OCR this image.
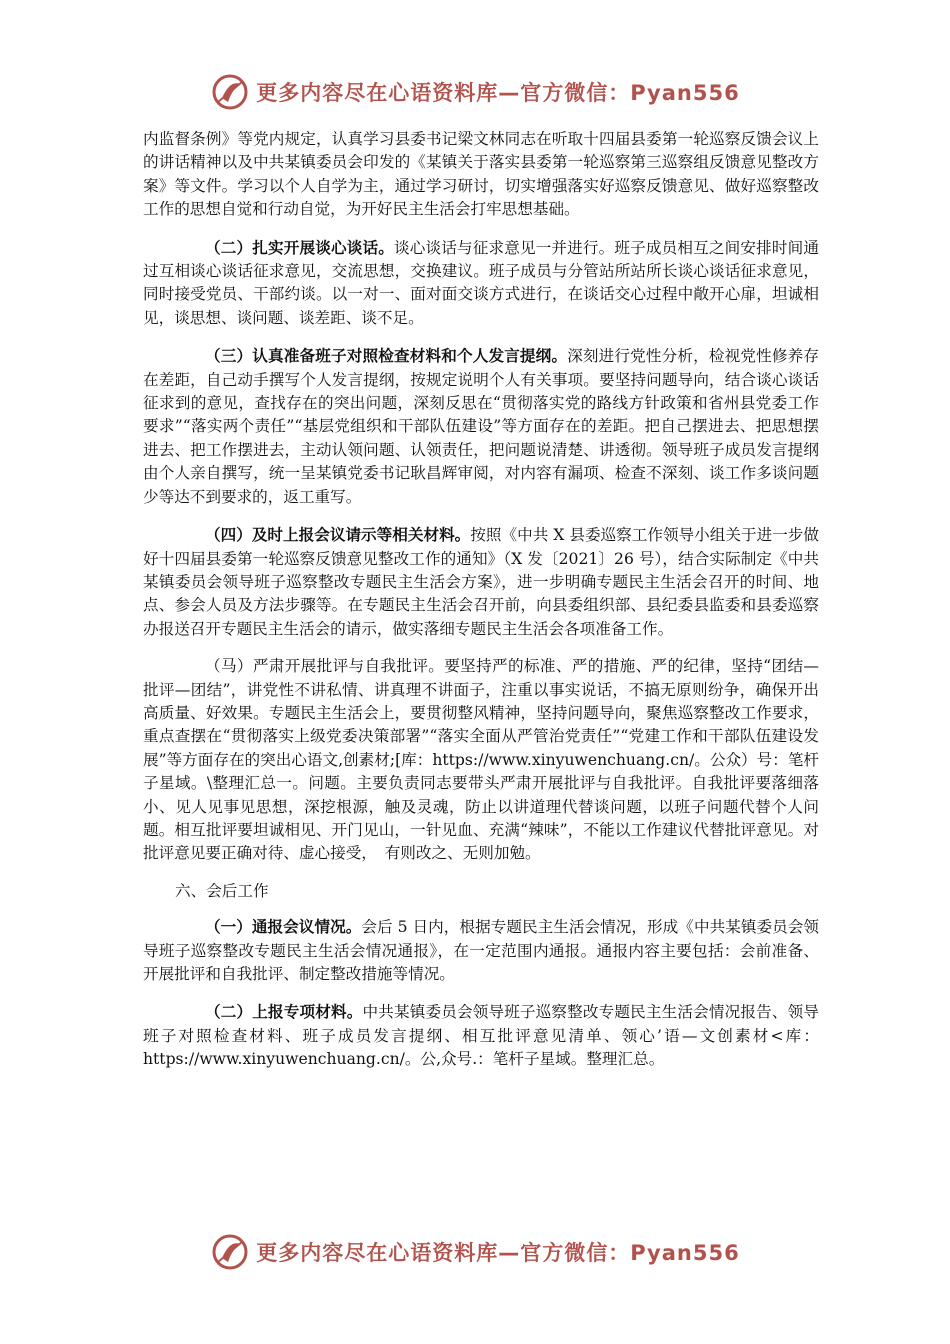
更多内容尽在心语资料库—官方微信：Pyan556

内监督条例》等党内规定，认真学习县委书记梁文林同志在听取十四届县委第一轮巡察反馈会议上的讲话精神以及中共某镇委员会印发的《某镇关于落实县委第一轮巡察第三巡察组反馈意见整改方案》等文件。学习以个人自学为主，通过学习研讨，切实增强落实好巡察反馈意见、做好巡察整改工作的思想自觉和行动自觉，为开好民主生活会打牢思想基础。

（二）扎实开展谈心谈话。谈心谈话与征求意见一并进行。班子成员相互之间安排时间通过互相谈心谈话征求意见，交流思想，交换建议。班子成员与分管站所站所长谈心谈话征求意见，同时接受党员、干部约谈。以一对一、面对面交谈方式进行，在谈话交心过程中敞开心扉，坦诚相见，谈思想、谈问题、谈差距、谈不足。

（三）认真准备班子对照检查材料和个人发言提纲。深刻进行党性分析，检视党性修养存在差距，自己动手撰写个人发言提纲，按规定说明个人有关事项。要坚持问题导向，结合谈心谈话征求到的意见，查找存在的突出问题，深刻反思在“贯彻落实党的路线方针政策和省州县党委工作要求”“落实两个责任”“基层党组织和干部队伍建设”等方面存在的差距。把自己摆进去、把思想摆进去、把工作摆进去，主动认领问题、认领责任，把问题说清楚、讲透彻。领导班子成员发言提纲由个人亲自撰写，统一呈某镇党委书记耿昌辉审阅，对内容有漏项、检查不深刻、谈工作多谈问题少等达不到要求的，返工重写。

（四）及时上报会议请示等相关材料。按照《中共 X 县委巡察工作领导小组关于进一步做好十四届县委第一轮巡察反馈意见整改工作的通知》（X 发〔2021〕26 号），结合实际制定《中共某镇委员会领导班子巡察整改专题民主生活会方案》，进一步明确专题民主生活会召开的时间、地点、参会人员及方法步骤等。在专题民主生活会召开前，向县委组织部、县纪委县监委和县委巡察办报送召开专题民主生活会的请示，做实落细专题民主生活会各项准备工作。

（马）严肃开展批评与自我批评。要坚持严的标准、严的措施、严的纪律，坚持“团结—批评—团结”，讲党性不讲私情、讲真理不讲面子，注重以事实说话，不搞无原则纷争，确保开出高质量、好效果。专题民主生活会上，要贯彻整风精神，坚持问题导向，聚焦巡察整改工作要求，重点查摆在“贯彻落实上级党委决策部署”“落实全面从严管治党责任”“党建工作和干部队伍建设发展”等方面存在的突出心语文,创素材;[库：https://www.xinyuwenchuang.cn/。公众）号：笔杆子星域。\整理汇总一。问题。主要负责同志要带头严肃开展批评与自我批评。自我批评要落细落小、见人见事见思想，深挖根源，触及灵魂，防止以讲道理代替谈问题，以班子问题代替个人问题。相互批评要坦诚相见、开门见山，一针见血、充满“辣味”，不能以工作建议代替批评意见。对批评意见要正确对待、虚心接受，　有则改之、无则加勉。

六、会后工作

（一）通报会议情况。会后 5 日内，根据专题民主生活会情况，形成《中共某镇委员会领导班子巡察整改专题民主生活会情况通报》，在一定范围内通报。通报内容主要包括：会前准备、开展批评和自我批评、制定整改措施等情况。

（二）上报专项材料。中共某镇委员会领导班子巡察整改专题民主生活会情况报告、领导班子对照检查材料、班子成员发言提纲、相互批评意见清单、领心’语—文创素材<库：https://www.xinyuwenchuang.cn/。公,众号.：笔杆子星域。整理汇总。

更多内容尽在心语资料库—官方微信：Pyan556
